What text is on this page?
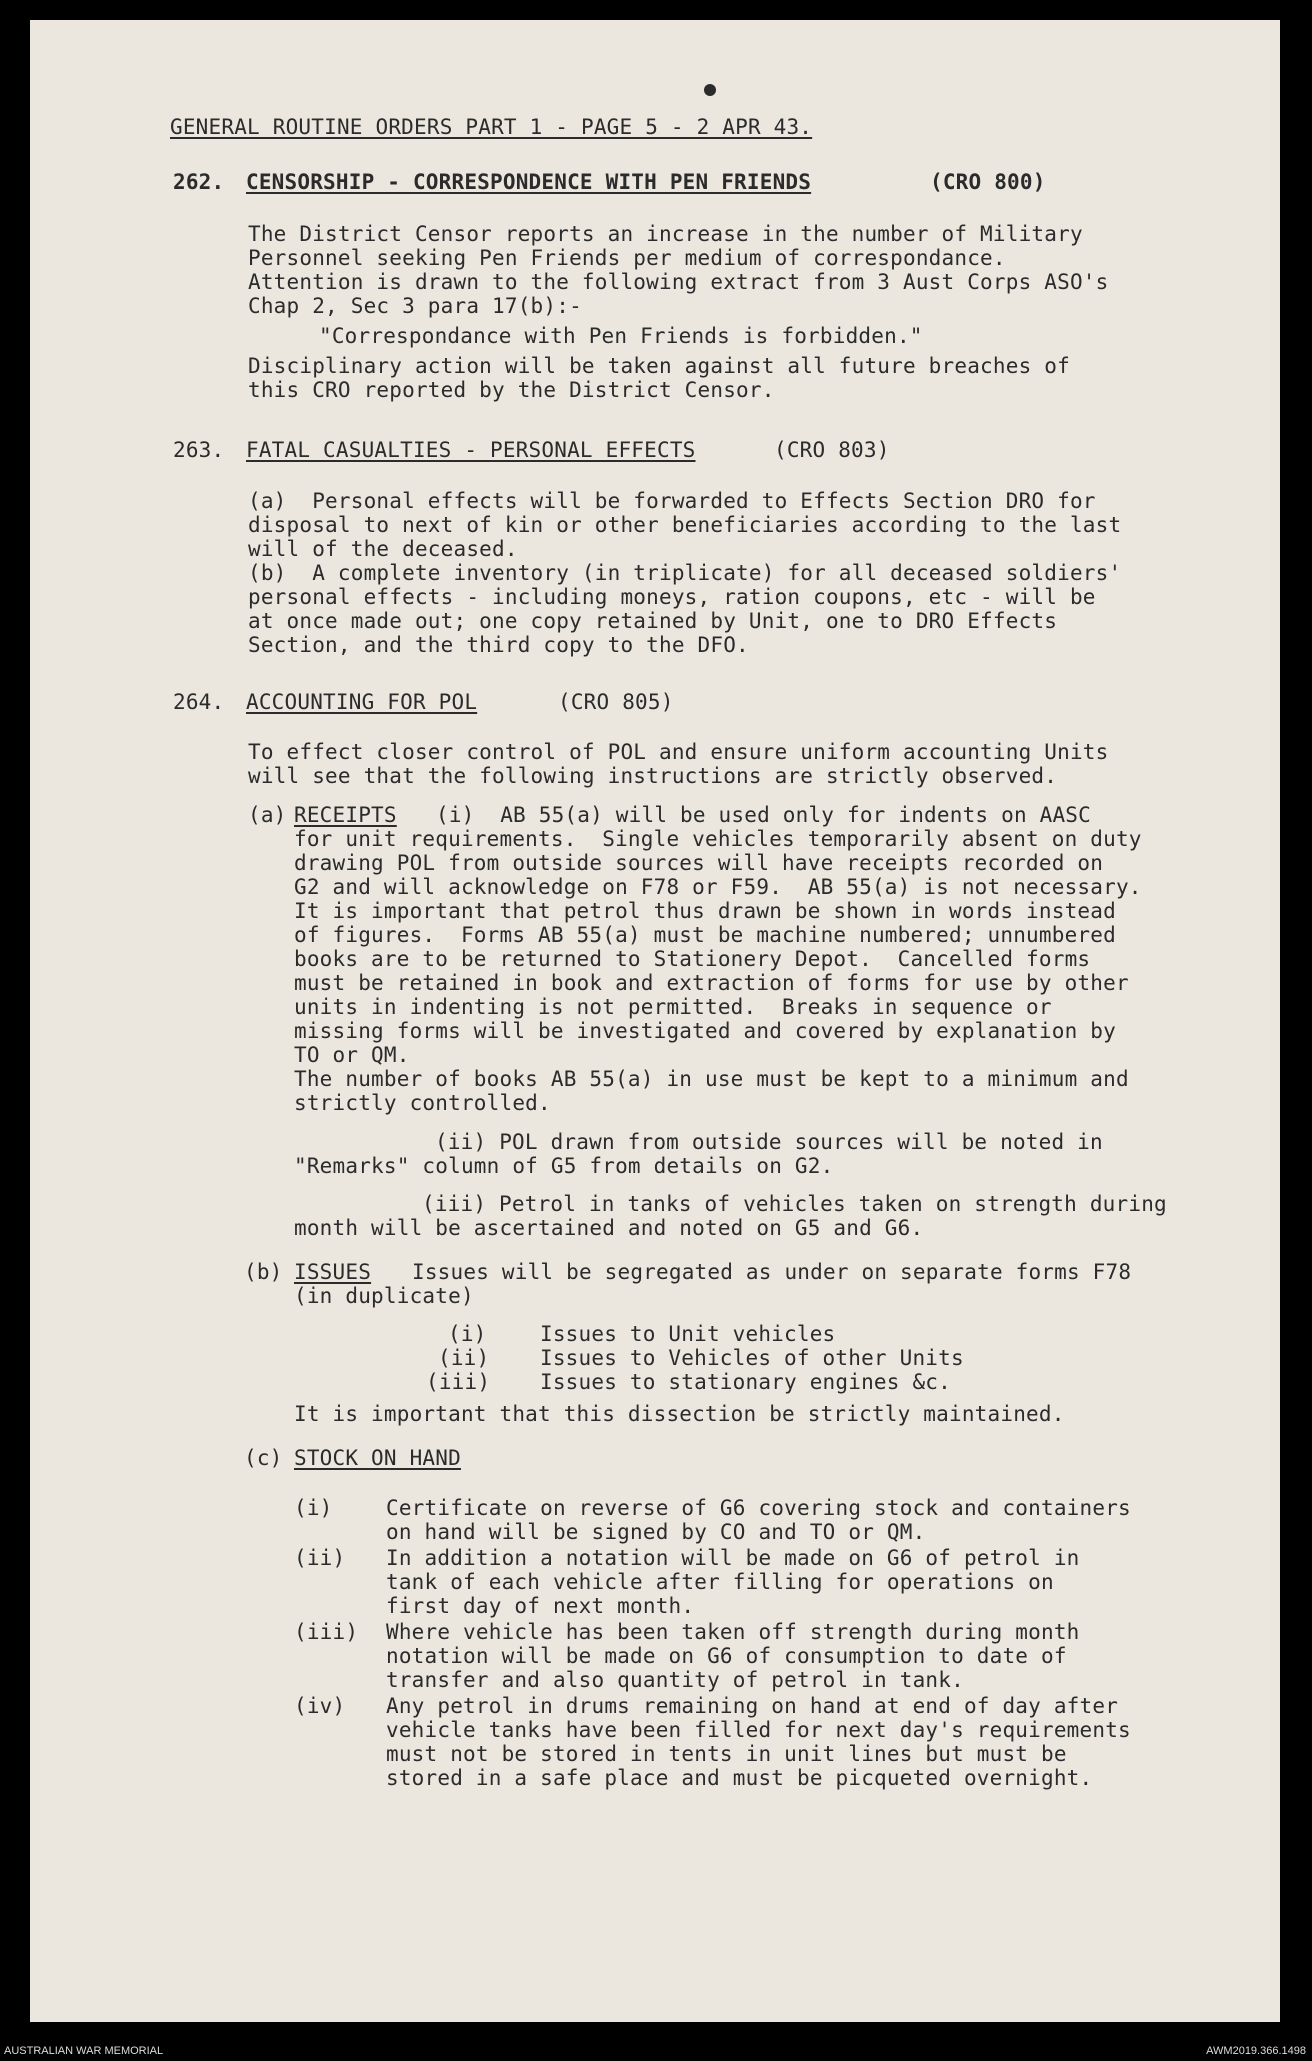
GENERAL ROUTINE ORDERS PART 1 - PAGE 5 - 2 APR 43.
262. CENSORSHIP - CORRESPONDENCE WITH PEN FRIENDS	(CRO 800)
The District Censor reports an increase in the number of Military
Personnel seeking Pen Friends per medium of correspondance.
Attention is drawn to the following extract from 3 Aust Corps ASO's
Chap 2, Sec 3 para 17(b):-
"Correspondance with Pen Friends is forbidden."
Disciplinary action will be taken against all future breaches of
this CRO reported by the District Censor.
263. FATAL CASUALTIES - PERSONAL EFFECTS	(CRO 803)
(a)  Personal effects will be forwarded to Effects Section DRO for
disposal to next of kin or other beneficiaries according to the last
will of the deceased.
(b)  A complete inventory (in triplicate) for all deceased soldiers'
personal effects - including moneys, ration coupons, etc - will be
at once made out; one copy retained by Unit, one to DRO Effects
Section, and the third copy to the DFO.
264. ACCOUNTING FOR POL	(CRO 805)
To effect closer control of POL and ensure uniform accounting Units
will see that the following instructions are strictly observed.
(a) RECEIPTS (i)  AB 55(a) will be used only for indents on AASC
for unit requirements.  Single vehicles temporarily absent on duty
drawing POL from outside sources will have receipts recorded on
G2 and will acknowledge on F78 or F59.  AB 55(a) is not necessary.
It is important that petrol thus drawn be shown in words instead
of figures.  Forms AB 55(a) must be machine numbered; unnumbered
books are to be returned to Stationery Depot.  Cancelled forms
must be retained in book and extraction of forms for use by other
units in indenting is not permitted.  Breaks in sequence or
missing forms will be investigated and covered by explanation by
TO or QM.
The number of books AB 55(a) in use must be kept to a minimum and
strictly controlled.
(ii) POL drawn from outside sources will be noted in
"Remarks" column of G5 from details on G2.
(iii) Petrol in tanks of vehicles taken on strength during
month will be ascertained and noted on G5 and G6.
(b) ISSUES Issues will be segregated as under on separate forms F78
(in duplicate)
(i)	Issues to Unit vehicles
(ii) Issues to Vehicles of other Units
(iii) Issues to stationary engines &c.
It is important that this dissection be strictly maintained.
(c) STOCK ON HAND
(i)	Certificate on reverse of G6 covering stock and containers
on hand will be signed by CO and TO or QM.
(ii) In addition a notation will be made on G6 of petrol in
tank of each vehicle after filling for operations on
first day of next month.
(iii) Where vehicle has been taken off strength during month
notation will be made on G6 of consumption to date of
transfer and also quantity of petrol in tank.
(iv) Any petrol in drums remaining on hand at end of day after
vehicle tanks have been filled for next day's requirements
must not be stored in tents in unit lines but must be
stored in a safe place and must be picqueted overnight.
AUSTRALIAN WAR MEMORIAL	AWM2019.366.1498
